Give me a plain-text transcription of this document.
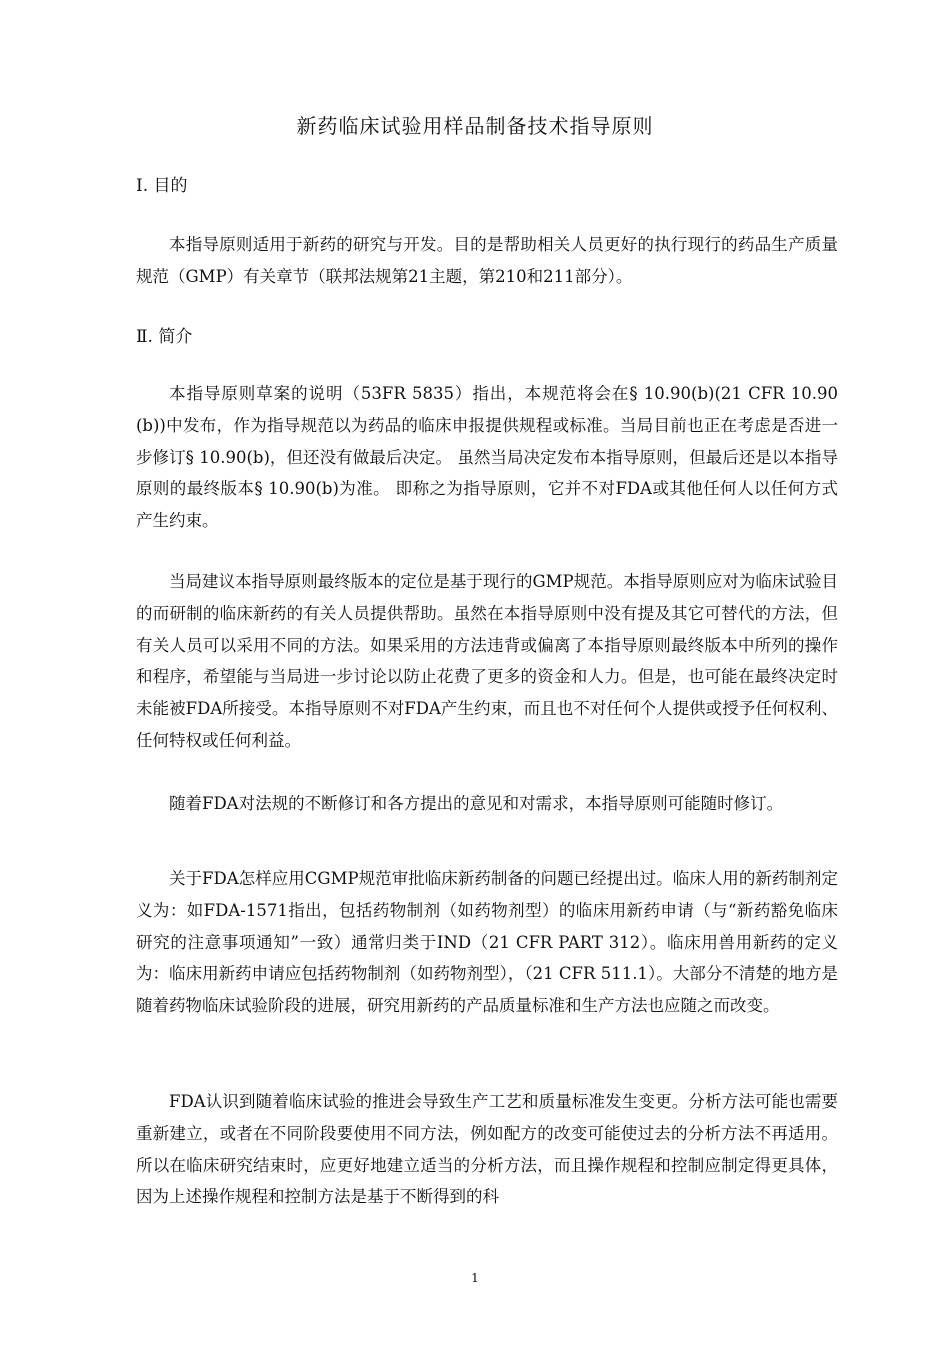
新药临床试验用样品制备技术指导原则
Ⅰ. 目的

本指导原则适用于新药的研究与开发。目的是帮助相关人员更好的执行现行的药品生产质量规范（GMP）有关章节（联邦法规第21主题，第210和211部分）。

Ⅱ. 简介

本指导原则草案的说明（53FR 5835）指出，本规范将会在§ 10.90(b)(21 CFR 10.90 (b))中发布，作为指导规范以为药品的临床申报提供规程或标准。当局目前也正在考虑是否进一步修订§ 10.90(b)，但还没有做最后决定。 虽然当局决定发布本指导原则，但最后还是以本指导原则的最终版本§ 10.90(b)为准。 即称之为指导原则，它并不对FDA或其他任何人以任何方式产生约束。

当局建议本指导原则最终版本的定位是基于现行的GMP规范。本指导原则应对为临床试验目的而研制的临床新药的有关人员提供帮助。虽然在本指导原则中没有提及其它可替代的方法，但有关人员可以采用不同的方法。如果采用的方法违背或偏离了本指导原则最终版本中所列的操作和程序，希望能与当局进一步讨论以防止花费了更多的资金和人力。但是，也可能在最终决定时未能被FDA所接受。本指导原则不对FDA产生约束，而且也不对任何个人提供或授予任何权利、任何特权或任何利益。

随着FDA对法规的不断修订和各方提出的意见和对需求，本指导原则可能随时修订。

关于FDA怎样应用CGMP规范审批临床新药制备的问题已经提出过。临床人用的新药制剂定义为：如FDA-1571指出，包括药物制剂（如药物剂型）的临床用新药申请（与“新药豁免临床研究的注意事项通知”一致）通常归类于IND（21 CFR PART 312）。临床用兽用新药的定义为：临床用新药申请应包括药物制剂（如药物剂型），（21 CFR 511.1）。大部分不清楚的地方是随着药物临床试验阶段的进展，研究用新药的产品质量标准和生产方法也应随之而改变。

FDA认识到随着临床试验的推进会导致生产工艺和质量标准发生变更。分析方法可能也需要重新建立，或者在不同阶段要使用不同方法，例如配方的改变可能使过去的分析方法不再适用。所以在临床研究结束时，应更好地建立适当的分析方法，而且操作规程和控制应制定得更具体，因为上述操作规程和控制方法是基于不断得到的科

1
